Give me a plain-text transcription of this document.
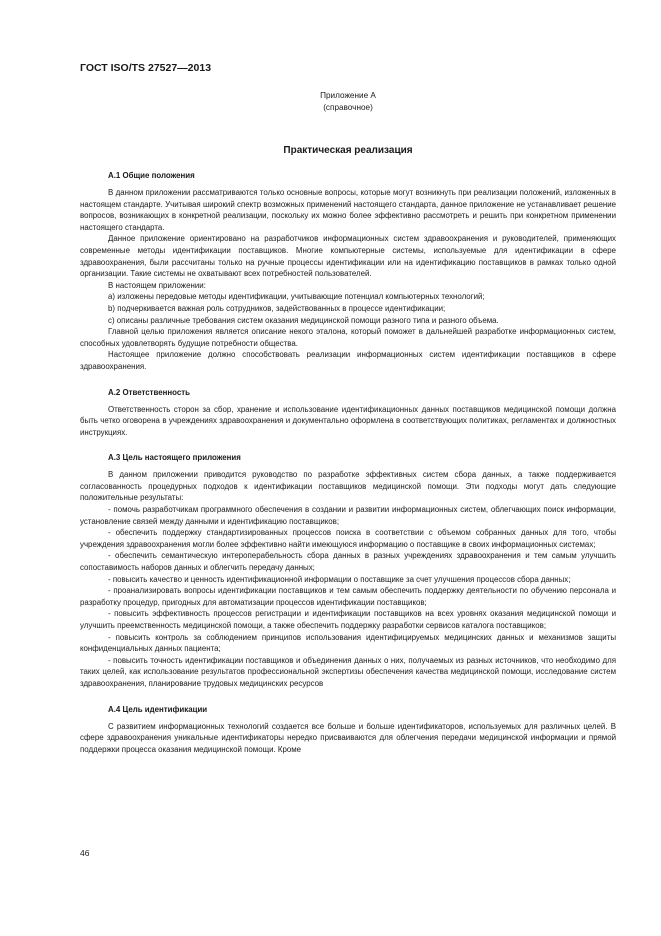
ГОСТ ISO/TS 27527—2013
Приложение А
(справочное)
Практическая реализация
А.1 Общие положения

В данном приложении рассматриваются только основные вопросы, которые могут возникнуть при реализации положений, изложенных в настоящем стандарте. Учитывая широкий спектр возможных применений настоящего стандарта, данное приложение не устанавливает решение вопросов, возникающих в конкретной реализации, поскольку их можно более эффективно рассмотреть и решить при конкретном применении настоящего стандарта.

Данное приложение ориентировано на разработчиков информационных систем здравоохранения и руководителей, применяющих современные методы идентификации поставщиков. Многие компьютерные системы, используемые для идентификации в сфере здравоохранения, были рассчитаны только на ручные процессы идентификации или на идентификацию поставщиков в рамках только одной организации. Такие системы не охватывают всех потребностей пользователей.

В настоящем приложении:

a) изложены передовые методы идентификации, учитывающие потенциал компьютерных технологий;

b) подчеркивается важная роль сотрудников, задействованных в процессе идентификации;

c) описаны различные требования систем оказания медицинской помощи разного типа и разного объема.

Главной целью приложения является описание некого эталона, который поможет в дальнейшей разработке информационных систем, способных удовлетворять будущие потребности общества.

Настоящее приложение должно способствовать реализации информационных систем идентификации поставщиков в сфере здравоохранения.

А.2 Ответственность

Ответственность сторон за сбор, хранение и использование идентификационных данных поставщиков медицинской помощи должна быть четко оговорена в учреждениях здравоохранения и документально оформлена в соответствующих политиках, регламентах и должностных инструкциях.

А.3 Цель настоящего приложения

В данном приложении приводится руководство по разработке эффективных систем сбора данных, а также поддерживается согласованность процедурных подходов к идентификации поставщиков медицинской помощи. Эти подходы могут дать следующие положительные результаты:

- помочь разработчикам программного обеспечения в создании и развитии информационных систем, облегчающих поиск информации, установление связей между данными и идентификацию поставщиков;

- обеспечить поддержку стандартизированных процессов поиска в соответствии с объемом собранных данных для того, чтобы учреждения здравоохранения могли более эффективно найти имеющуюся информацию о поставщике в своих информационных системах;

- обеспечить семантическую интероперабельность сбора данных в разных учреждениях здравоохранения и тем самым улучшить сопоставимость наборов данных и облегчить передачу данных;

- повысить качество и ценность идентификационной информации о поставщике за счет улучшения процессов сбора данных;

- проанализировать вопросы идентификации поставщиков и тем самым обеспечить поддержку деятельности по обучению персонала и разработку процедур, пригодных для автоматизации процессов идентификации поставщиков;

- повысить эффективность процессов регистрации и идентификации поставщиков на всех уровнях оказания медицинской помощи и улучшить преемственность медицинской помощи, а также обеспечить поддержку разработки сервисов каталога поставщиков;

- повысить контроль за соблюдением принципов использования идентифицируемых медицинских данных и механизмов защиты конфиденциальных данных пациента;

- повысить точность идентификации поставщиков и объединения данных о них, получаемых из разных источников, что необходимо для таких целей, как использование результатов профессиональной экспертизы обеспечения качества медицинской помощи, исследование систем здравоохранения, планирование трудовых медицинских ресурсов

А.4 Цель идентификации

С развитием информационных технологий создается все больше и больше идентификаторов, используемых для различных целей. В сфере здравоохранения уникальные идентификаторы нередко присваиваются для облегчения передачи медицинской информации и прямой поддержки процесса оказания медицинской помощи. Кроме

46
